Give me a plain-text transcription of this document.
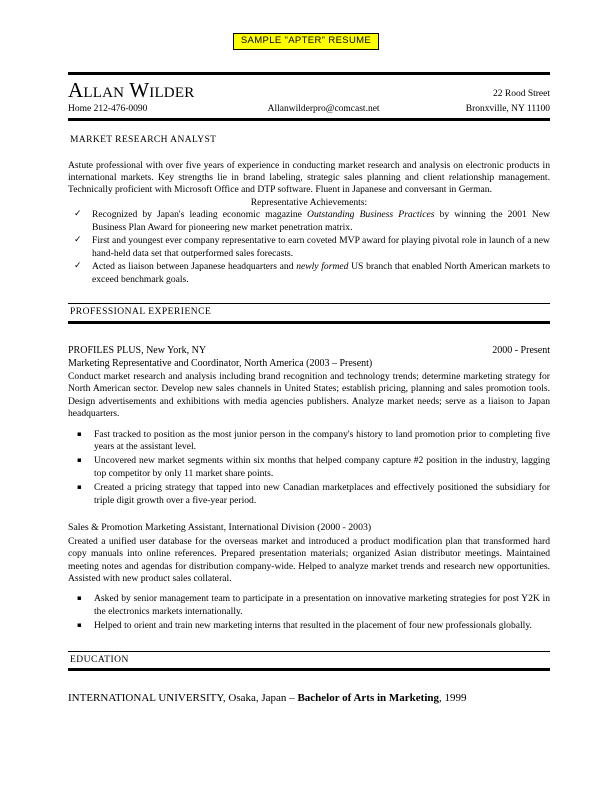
SAMPLE "APTER" RESUME
Allan Wilder	22 Rood Street
Home 212-476-0090	Allanwilderpro@comcast.net	Bronxville, NY 11100
MARKET RESEARCH ANALYST

Astute professional with over five years of experience in conducting market research and analysis on electronic products in international markets. Key strengths lie in brand labeling, strategic sales planning and client relationship management. Technically proficient with Microsoft Office and DTP software. Fluent in Japanese and conversant in German.

Representative Achievements:
✓ Recognized by Japan's leading economic magazine Outstanding Business Practices by winning the 2001 New Business Plan Award for pioneering new market penetration matrix.
✓ First and youngest ever company representative to earn coveted MVP award for playing pivotal role in launch of a new hand-held data set that outperformed sales forecasts.
✓ Acted as liaison between Japanese headquarters and newly formed US branch that enabled North American markets to exceed benchmark goals.
PROFESSIONAL EXPERIENCE
PROFILES PLUS, New York, NY	2000 - Present
Marketing Representative and Coordinator, North America (2003 – Present)

Conduct market research and analysis including brand recognition and technology trends; determine marketing strategy for North American sector. Develop new sales channels in United States; establish pricing, planning and sales promotion tools. Design advertisements and exhibitions with media agencies publishers. Analyze market needs; serve as a liaison to Japan headquarters.

▪ Fast tracked to position as the most junior person in the company's history to land promotion prior to completing five years at the assistant level.
▪ Uncovered new market segments within six months that helped company capture #2 position in the industry, lagging top competitor by only 11 market share points.
▪ Created a pricing strategy that tapped into new Canadian marketplaces and effectively positioned the subsidiary for triple digit growth over a five-year period.
Sales & Promotion Marketing Assistant, International Division (2000 - 2003)

Created a unified user database for the overseas market and introduced a product modification plan that transformed hard copy manuals into online references. Prepared presentation materials; organized Asian distributor meetings. Maintained meeting notes and agendas for distribution company-wide. Helped to analyze market trends and research new opportunities. Assisted with new product sales collateral.

▪ Asked by senior management team to participate in a presentation on innovative marketing strategies for post Y2K in the electronics markets internationally.
▪ Helped to orient and train new marketing interns that resulted in the placement of four new professionals globally.
EDUCATION
INTERNATIONAL UNIVERSITY, Osaka, Japan – Bachelor of Arts in Marketing, 1999
